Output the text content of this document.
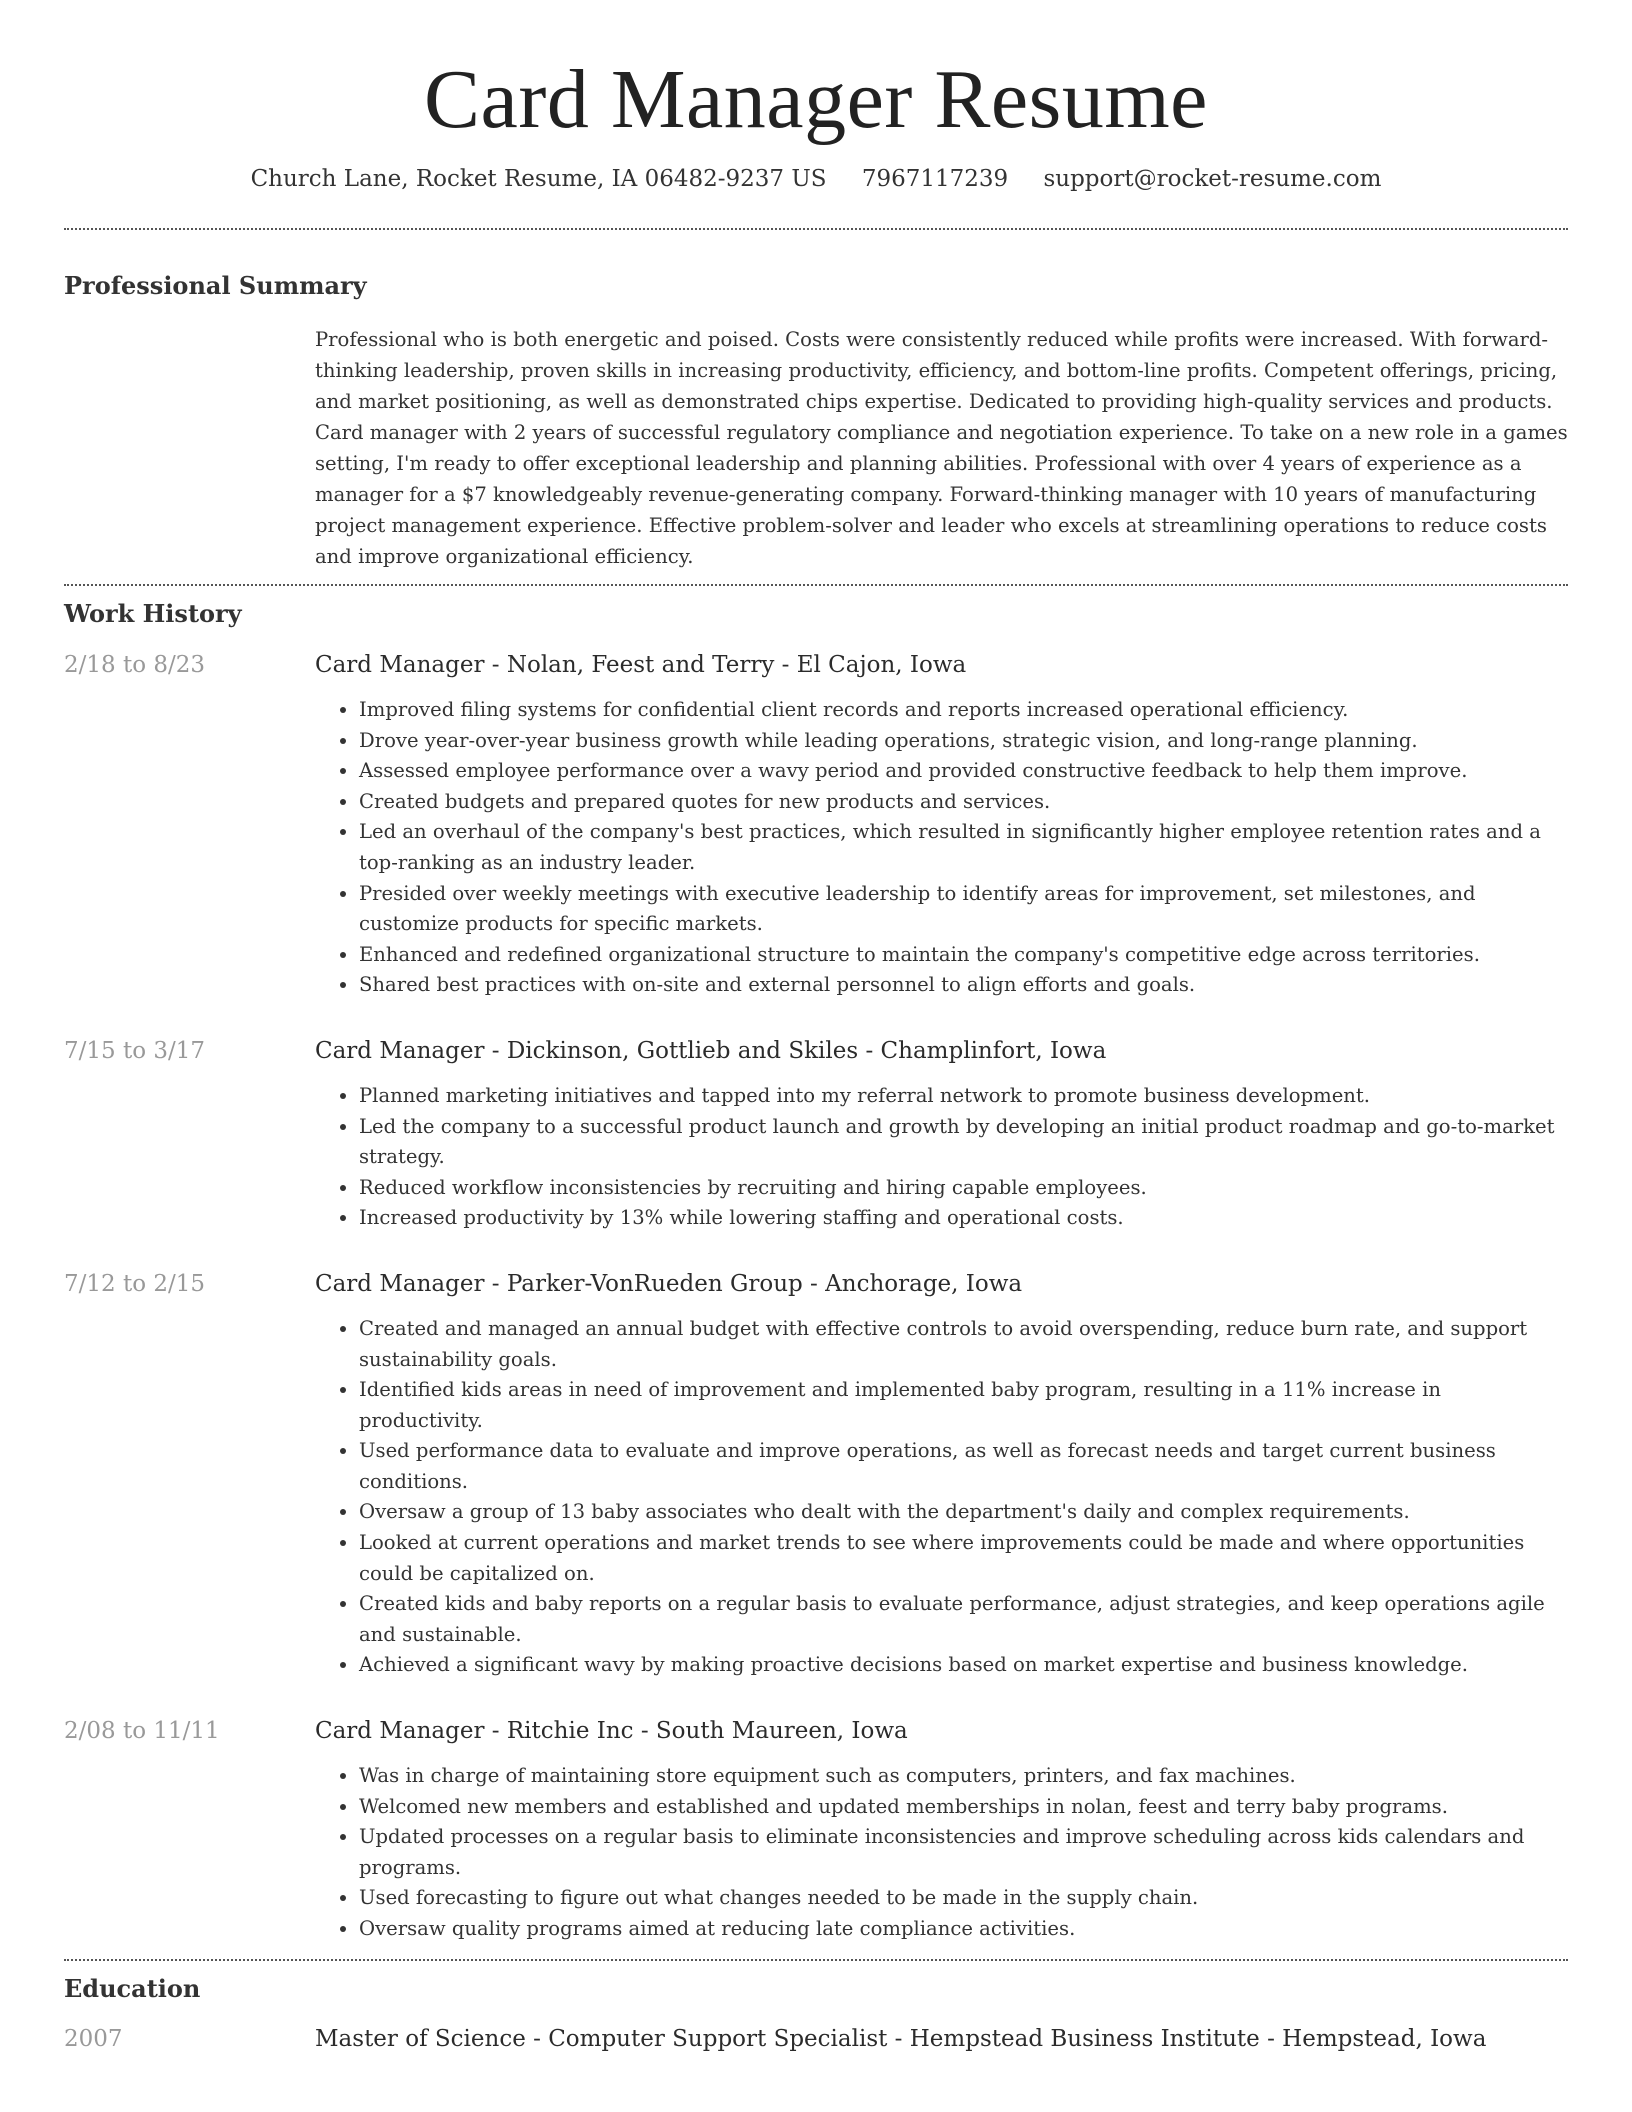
Card Manager Resume
Church Lane, Rocket Resume, IA 06482-9237 US 7967117239 support@rocket-resume.com
Professional Summary
Professional who is both energetic and poised. Costs were consistently reduced while profits were increased. With forward-thinking leadership, proven skills in increasing productivity, efficiency, and bottom-line profits. Competent offerings, pricing, and market positioning, as well as demonstrated chips expertise. Dedicated to providing high-quality services and products. Card manager with 2 years of successful regulatory compliance and negotiation experience. To take on a new role in a games setting, I'm ready to offer exceptional leadership and planning abilities. Professional with over 4 years of experience as a manager for a $7 knowledgeably revenue-generating company. Forward-thinking manager with 10 years of manufacturing project management experience. Effective problem-solver and leader who excels at streamlining operations to reduce costs and improve organizational efficiency.
Work History
2/18 to 8/23	Card Manager - Nolan, Feest and Terry - El Cajon, Iowa
• Improved filing systems for confidential client records and reports increased operational efficiency.
• Drove year-over-year business growth while leading operations, strategic vision, and long-range planning.
• Assessed employee performance over a wavy period and provided constructive feedback to help them improve.
• Created budgets and prepared quotes for new products and services.
• Led an overhaul of the company's best practices, which resulted in significantly higher employee retention rates and a top-ranking as an industry leader.
• Presided over weekly meetings with executive leadership to identify areas for improvement, set milestones, and customize products for specific markets.
• Enhanced and redefined organizational structure to maintain the company's competitive edge across territories.
• Shared best practices with on-site and external personnel to align efforts and goals.
7/15 to 3/17	Card Manager - Dickinson, Gottlieb and Skiles - Champlinfort, Iowa
• Planned marketing initiatives and tapped into my referral network to promote business development.
• Led the company to a successful product launch and growth by developing an initial product roadmap and go-to-market strategy.
• Reduced workflow inconsistencies by recruiting and hiring capable employees.
• Increased productivity by 13% while lowering staffing and operational costs.
7/12 to 2/15	Card Manager - Parker-VonRueden Group - Anchorage, Iowa
• Created and managed an annual budget with effective controls to avoid overspending, reduce burn rate, and support sustainability goals.
• Identified kids areas in need of improvement and implemented baby program, resulting in a 11% increase in productivity.
• Used performance data to evaluate and improve operations, as well as forecast needs and target current business conditions.
• Oversaw a group of 13 baby associates who dealt with the department's daily and complex requirements.
• Looked at current operations and market trends to see where improvements could be made and where opportunities could be capitalized on.
• Created kids and baby reports on a regular basis to evaluate performance, adjust strategies, and keep operations agile and sustainable.
• Achieved a significant wavy by making proactive decisions based on market expertise and business knowledge.
2/08 to 11/11	Card Manager - Ritchie Inc - South Maureen, Iowa
• Was in charge of maintaining store equipment such as computers, printers, and fax machines.
• Welcomed new members and established and updated memberships in nolan, feest and terry baby programs.
• Updated processes on a regular basis to eliminate inconsistencies and improve scheduling across kids calendars and programs.
• Used forecasting to figure out what changes needed to be made in the supply chain.
• Oversaw quality programs aimed at reducing late compliance activities.
Education
2007	Master of Science - Computer Support Specialist - Hempstead Business Institute - Hempstead, Iowa
